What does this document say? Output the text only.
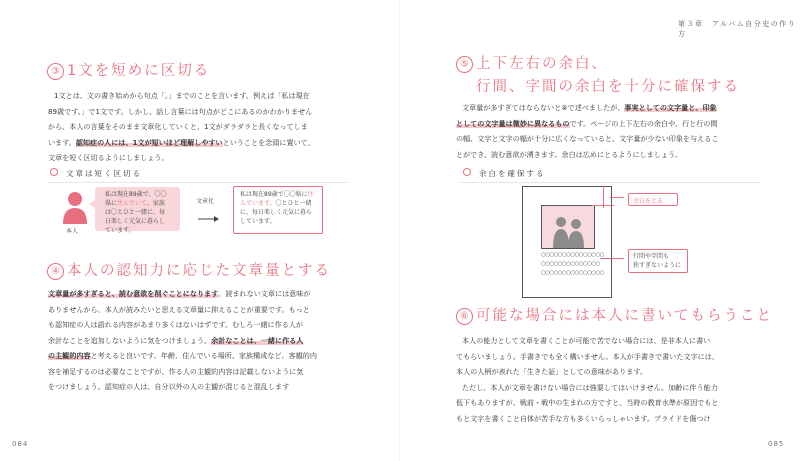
③ 1文を短めに区切る
1文とは、文の書き始めから句点「。」までのことを言います。例えば「私は現在
89歳です。」で1文です。しかし、話し言葉には句点がどこにあるのかわかりません
から、本人の言葉をそのまま文章化していくと、1文がダラダラと長くなってしま
います。認知症の人には、1文が短いほど理解しやすいということを念頭に置いて、
文章を短く区切るようにしましょう。
文章は短く区切る
本人
私は現在89歳で、〇〇
県に住んでいて、家族
は〇とひと一緒に、毎
日楽しく元気に暮らし
ています。
文章化
私は現在89歳で〇〇県に住
んでいます。〇とひと一緒
に、毎日楽しく元気に暮ら
しています。
④ 本人の認知力に応じた文章量とする
文章量が多すぎると、読む意欲を削ぐことになります。読まれない文章には意味が
ありませんから、本人が読みたいと思える文章量に抑えることが重要です。もっと
も認知症の人は語れる内容があまり多くはないはずです。むしろ一緒に作る人が
余計なことを追加しないように気をつけましょう。余計なことは、一緒に作る人
の主観的内容と考えると良いです。年齢、住んでいる場所、家族構成など、客観的内
容を補足するのは必要なことですが、作る人の主観的内容は記載しないように気
をつけましょう。認知症の人は、自分以外の人の主観が混じると混乱します
084
第３章　アルバム自分史の作り方
⑤ 上下左右の余白、
行間、字間の余白を十分に確保する
文章量が多すぎてはならないと④で述べましたが、事実としての文字量と、印象
としての文字量は微妙に異なるものです。ページの上下左右の余白や、行と行の間
の幅、文字と文字の幅が十分に広くなっていると、文字量が少ない印象を与えるこ
とができ、読む意欲が湧きます。余白は広めにとるようにしましょう。
余白を確保する
○○○○○○○○○○○○○○○
○○○○○○○○○○○○○○
○○○○○○○○○○○○○○○
余白をとる
行間や字間も
狭すぎないように
⑥ 可能な場合には本人に書いてもらうこと
本人の能力として文章を書くことが可能で苦でない場合には、是非本人に書い
てもらいましょう。手書きでも全く構いません。本人が手書きで書いた文字には、
本人の人柄が表れた「生きた証」としての意味があります。
ただし、本人が文章を書けない場合には強要してはいけません。加齢に伴う能力
低下もありますが、戦前・戦中の生まれの方ですと、当時の教育水準が原因でもと
もと文字を書くこと自体が苦手な方も多くいらっしゃいます。プライドを傷つけ
085
